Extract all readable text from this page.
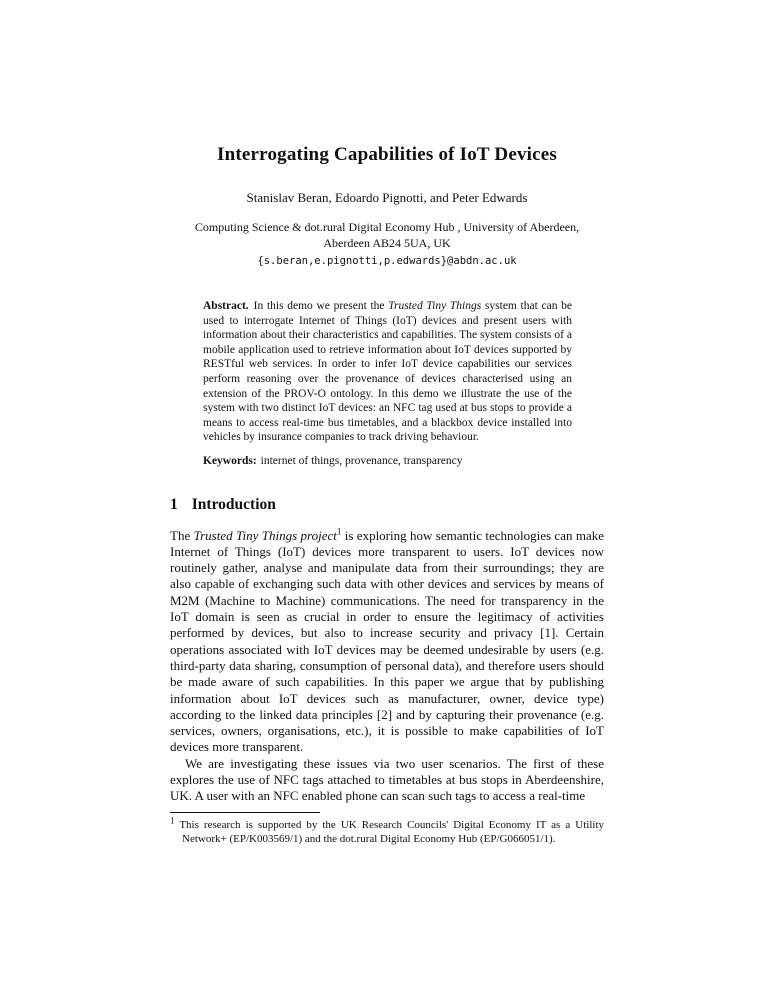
Interrogating Capabilities of IoT Devices
Stanislav Beran, Edoardo Pignotti, and Peter Edwards
Computing Science & dot.rural Digital Economy Hub , University of Aberdeen,
Aberdeen AB24 5UA, UK
{s.beran,e.pignotti,p.edwards}@abdn.ac.uk

Abstract. In this demo we present the Trusted Tiny Things system that can be used to interrogate Internet of Things (IoT) devices and present users with information about their characteristics and capabilities. The system consists of a mobile application used to retrieve information about IoT devices supported by RESTful web services. In order to infer IoT device capabilities our services perform reasoning over the provenance of devices characterised using an extension of the PROV-O ontology. In this demo we illustrate the use of the system with two distinct IoT devices: an NFC tag used at bus stops to provide a means to access real-time bus timetables, and a blackbox device installed into vehicles by insurance companies to track driving behaviour.

Keywords: internet of things, provenance, transparency

1 Introduction

The Trusted Tiny Things project$^1$ is exploring how semantic technologies can make Internet of Things (IoT) devices more transparent to users. IoT devices now routinely gather, analyse and manipulate data from their surroundings; they are also capable of exchanging such data with other devices and services by means of M2M (Machine to Machine) communications. The need for transparency in the IoT domain is seen as crucial in order to ensure the legitimacy of activities performed by devices, but also to increase security and privacy [1]. Certain operations associated with IoT devices may be deemed undesirable by users (e.g. third-party data sharing, consumption of personal data), and therefore users should be made aware of such capabilities. In this paper we argue that by publishing information about IoT devices such as manufacturer, owner, device type) according to the linked data principles [2] and by capturing their provenance (e.g. services, owners, organisations, etc.), it is possible to make capabilities of IoT devices more transparent.

We are investigating these issues via two user scenarios. The first of these explores the use of NFC tags attached to timetables at bus stops in Aberdeenshire, UK. A user with an NFC enabled phone can scan such tags to access a real-time

$^1$ This research is supported by the UK Research Councils' Digital Economy IT as a Utility Network+ (EP/K003569/1) and the dot.rural Digital Economy Hub (EP/G066051/1).
